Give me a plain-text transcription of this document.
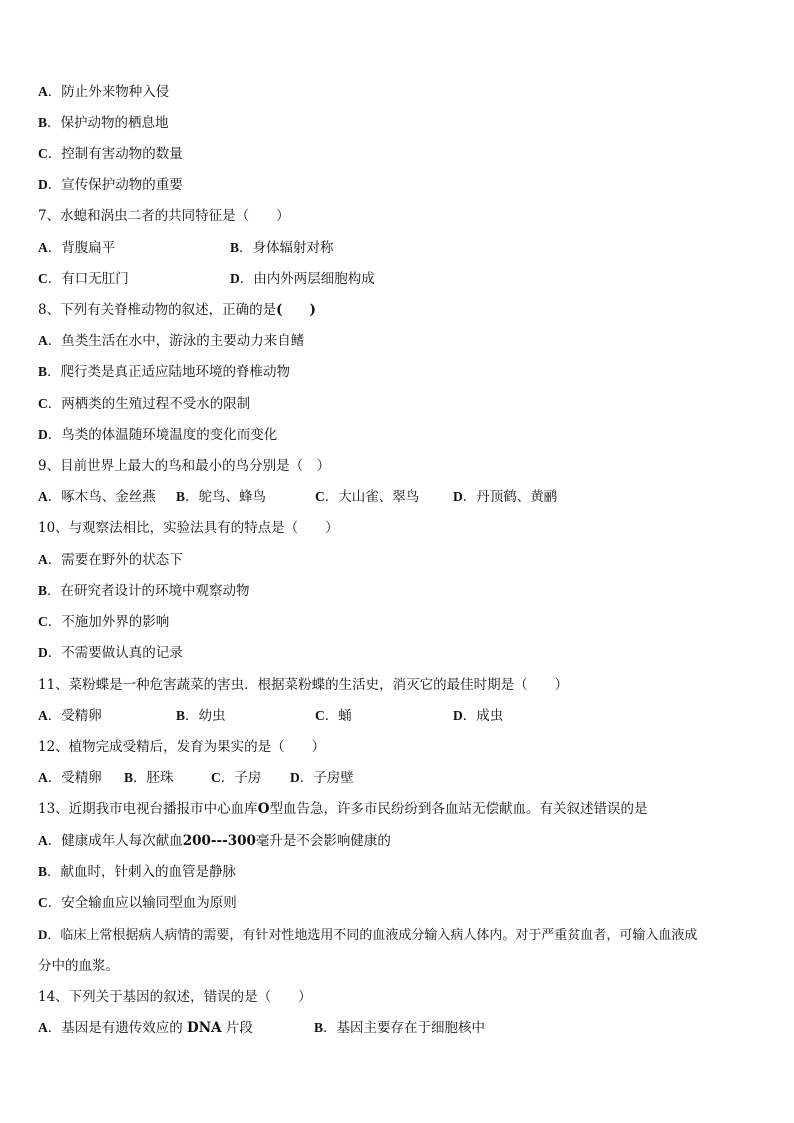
A．防止外来物种入侵
B．保护动物的栖息地
C．控制有害动物的数量
D．宣传保护动物的重要
7、水螅和涡虫二者的共同特征是（　　）
A．背腹扁平	B．身体辐射对称
C．有口无肛门	D．由内外两层细胞构成
8、下列有关脊椎动物的叙述，正确的是(　　)
A．鱼类生活在水中，游泳的主要动力来自鳍
B．爬行类是真正适应陆地环境的脊椎动物
C．两栖类的生殖过程不受水的限制
D．鸟类的体温随环境温度的变化而变化
9、目前世界上最大的鸟和最小的鸟分别是（　）
A．啄木鸟、金丝燕 B．鸵鸟、蜂鸟	C．大山雀、翠鸟	D．丹顶鹤、黄鹂
10、与观察法相比，实验法具有的特点是（　　）
A．需要在野外的状态下
B．在研究者设计的环境中观察动物
C．不施加外界的影响
D．不需要做认真的记录
11、菜粉蝶是一种危害蔬菜的害虫．根据菜粉蝶的生活史，消灭它的最佳时期是（　　）
A．受精卵	B．幼虫	C．蛹	D．成虫
12、植物完成受精后，发育为果实的是（　　）
A．受精卵 B．胚珠	C．子房 D．子房壁
13、近期我市电视台播报市中心血库O型血告急，许多市民纷纷到各血站无偿献血。有关叙述错误的是
A．健康成年人每次献血200---300毫升是不会影响健康的
B．献血时，针刺入的血管是静脉
C．安全输血应以输同型血为原则
D．临床上常根据病人病情的需要，有针对性地选用不同的血液成分输入病人体内。对于严重贫血者，可输入血液成
分中的血浆。
14、下列关于基因的叙述，错误的是（　　）
A．基因是有遗传效应的 DNA 片段	B．基因主要存在于细胞核中
